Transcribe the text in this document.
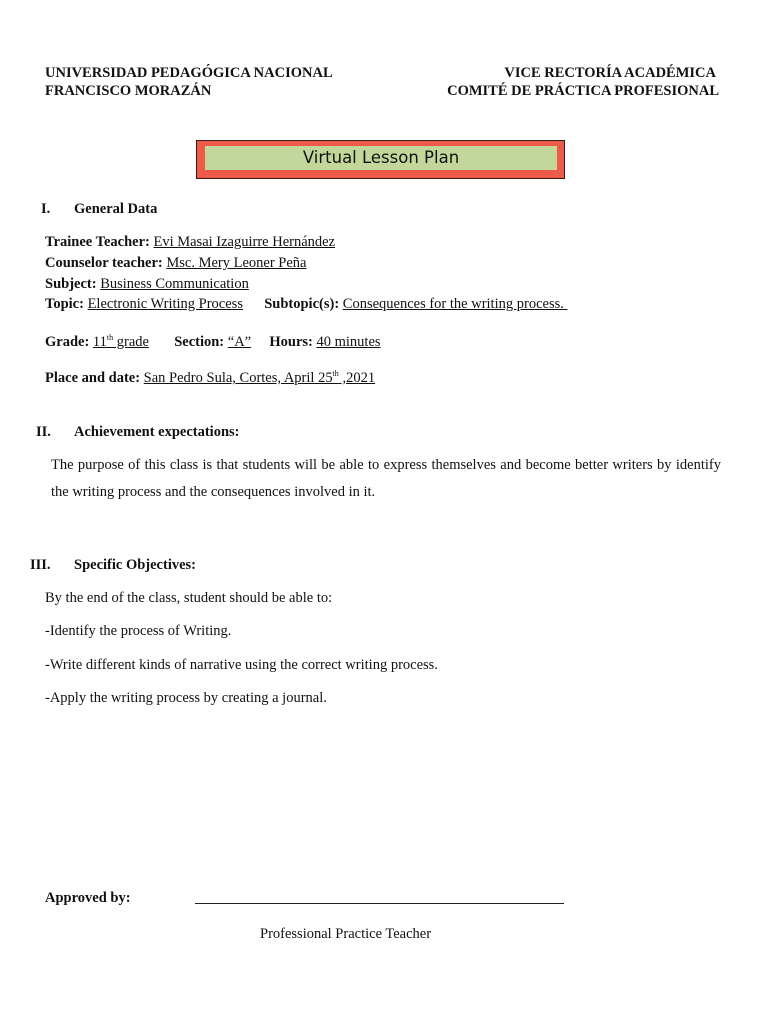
UNIVERSIDAD PEDAGÓGICA NACIONAL
FRANCISCO MORAZÁN
VICE RECTORÍA ACADÉMICA
COMITÉ DE PRÁCTICA PROFESIONAL
Virtual Lesson Plan
I. General Data
Trainee Teacher: Evi Masai Izaguirre Hernández
Counselor teacher: Msc. Mery Leoner Peña
Subject: Business Communication
Topic: Electronic Writing Process Subtopic(s): Consequences for the writing process.
Grade: 11th grade Section: “A” Hours: 40 minutes
Place and date: San Pedro Sula, Cortes, April 25th ,2021
II. Achievement expectations:
The purpose of this class is that students will be able to express themselves and become better writers by identify the writing process and the consequences involved in it.
III. Specific Objectives:
By the end of the class, student should be able to:
-Identify the process of Writing.
-Write different kinds of narrative using the correct writing process.
-Apply the writing process by creating a journal.
Approved by:
Professional Practice Teacher
